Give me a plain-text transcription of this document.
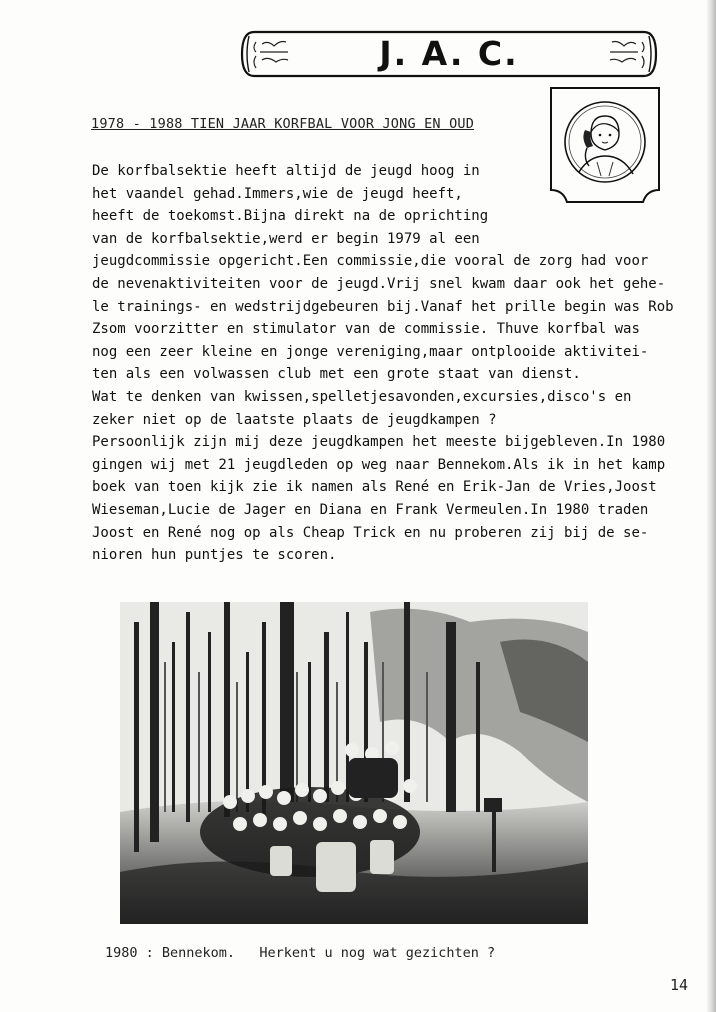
J. A. C.
1978 - 1988 TIEN JAAR KORFBAL VOOR JONG EN OUD
De korfbalsektie heeft altijd de jeugd hoog in
het vaandel gehad.Immers,wie de jeugd heeft,
heeft de toekomst.Bijna direkt na de oprichting
van de korfbalsektie,werd er begin 1979 al een
jeugdcommissie opgericht.Een commissie,die vooral de zorg had voor
de nevenaktiviteiten voor de jeugd.Vrij snel kwam daar ook het gehe-
le trainings- en wedstrijdgebeuren bij.Vanaf het prille begin was Rob
Zsom voorzitter en stimulator van de commissie. Thuve korfbal was
nog een zeer kleine en jonge vereniging,maar ontplooide aktivitei-
ten als een volwassen club met een grote staat van dienst.
Wat te denken van kwissen,spelletjesavonden,excursies,disco's en
zeker niet op de laatste plaats de jeugdkampen ?
Persoonlijk zijn mij deze jeugdkampen het meeste bijgebleven.In 1980
gingen wij met 21 jeugdleden op weg naar Bennekom.Als ik in het kamp
boek van toen kijk zie ik namen als René en Erik-Jan de Vries,Joost
Wieseman,Lucie de Jager en Diana en Frank Vermeulen.In 1980 traden
Joost en René nog op als Cheap Trick en nu proberen zij bij de se-
nioren hun puntjes te scoren.
1980 : Bennekom.   Herkent u nog wat gezichten ?
14
